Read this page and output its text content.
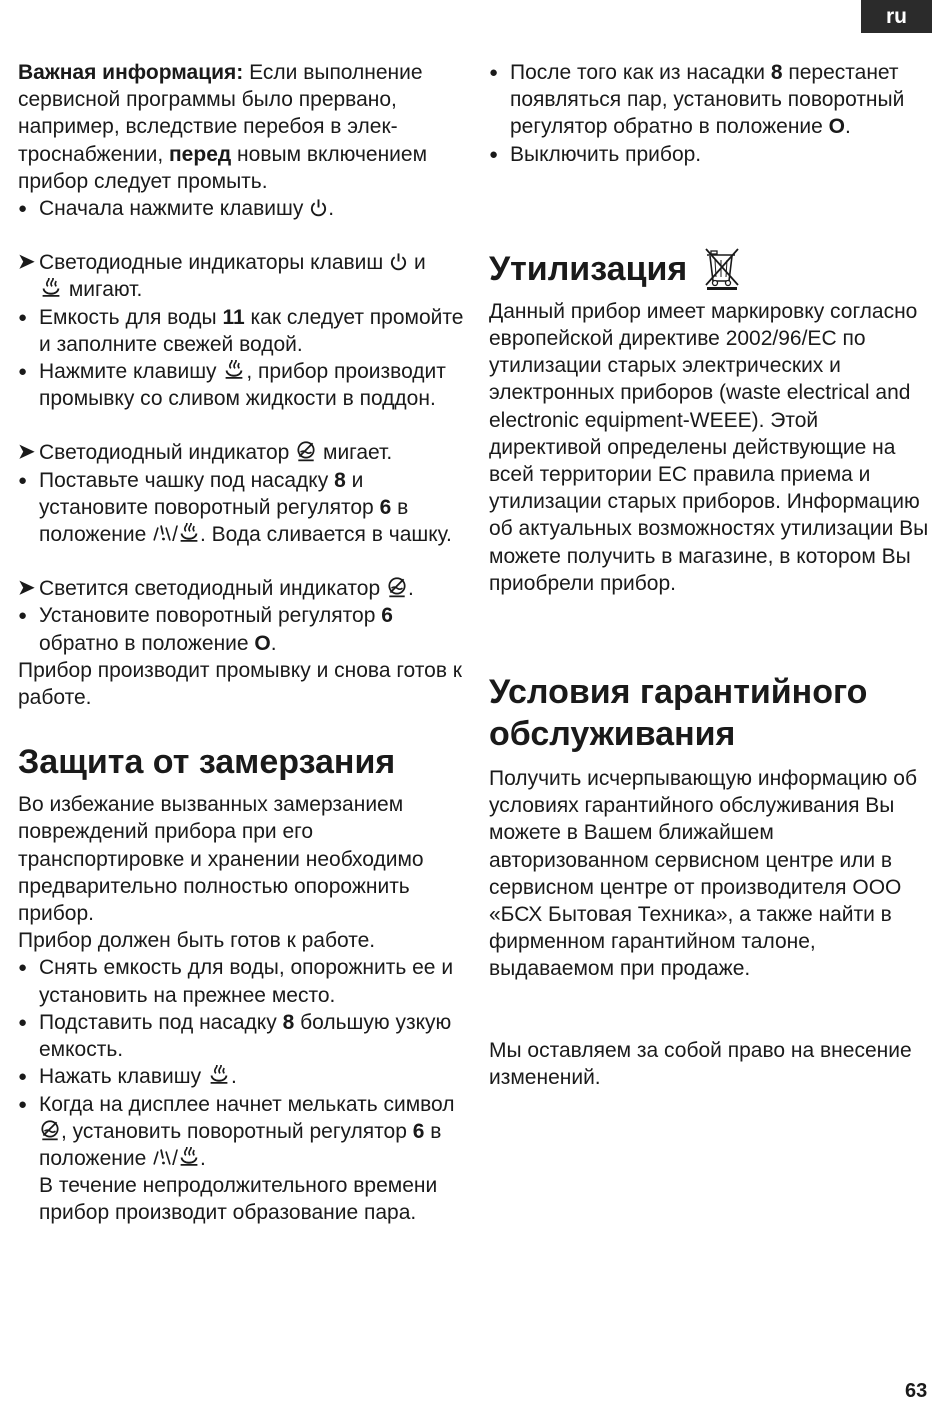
ru

Важная информация: Если выполнение сервисной программы было прервано, например, вследствие перебоя в электроснабжении, перед новым включением прибор следует промыть.

● Сначала нажмите клавишу .
➤ Светодиодные индикаторы клавиш и
мигают.
● Емкость для воды 11 как следует промойте и заполните свежей водой.
● Нажмите клавишу , прибор производит промывку со сливом жидкости в поддон.
➤ Светодиодный индикатор мигает.
● Поставьте чашку под насадку 8 и установите поворотный регулятор 6 в положение / . Вода сливается в чашку.
➤ Светится светодиодный индикатор .
● Установите поворотный регулятор 6 обратно в положение O.

Прибор производит промывку и снова готов к работе.

Защита от замерзания

Во избежание вызванных замерзанием повреждений прибора при его транспортировке и хранении необходимо предварительно полностью опорожнить прибор.

Прибор должен быть готов к работе.

● Снять емкость для воды, опорожнить ее и установить на прежнее место.
● Подставить под насадку 8 большую узкую емкость.
● Нажать клавишу .
● Когда на дисплее начнет мелькать символ , установить поворотный регулятор 6 в положение / .
В течение непродолжительного времени прибор производит образование пара.
● После того как из насадки 8 перестанет появляться пар, установить поворотный регулятор обратно в положение O.
● Выключить прибор.
Утилизация

Данный прибор имеет маркировку согласно европейской директиве 2002/96/EC по утилизации старых электрических и электронных приборов (waste electrical and electronic equipment-WEEE). Этой директивой определены действующие на всей территории ЕС правила приема и утилизации старых приборов. Информацию об актуальных возможностях утилизации Вы можете получить в магазине, в котором Вы приобрели прибор.

Условия гарантийного обслуживания

Получить исчерпывающую информацию об условиях гарантийного обслуживания Вы можете в Вашем ближайшем авторизованном сервисном центре или в сервисном центре от производителя ООО «БСХ Бытовая Техника», а также найти в фирменном гарантийном талоне, выдаваемом при продаже.

Мы оставляем за собой право на внесение изменений.

63
